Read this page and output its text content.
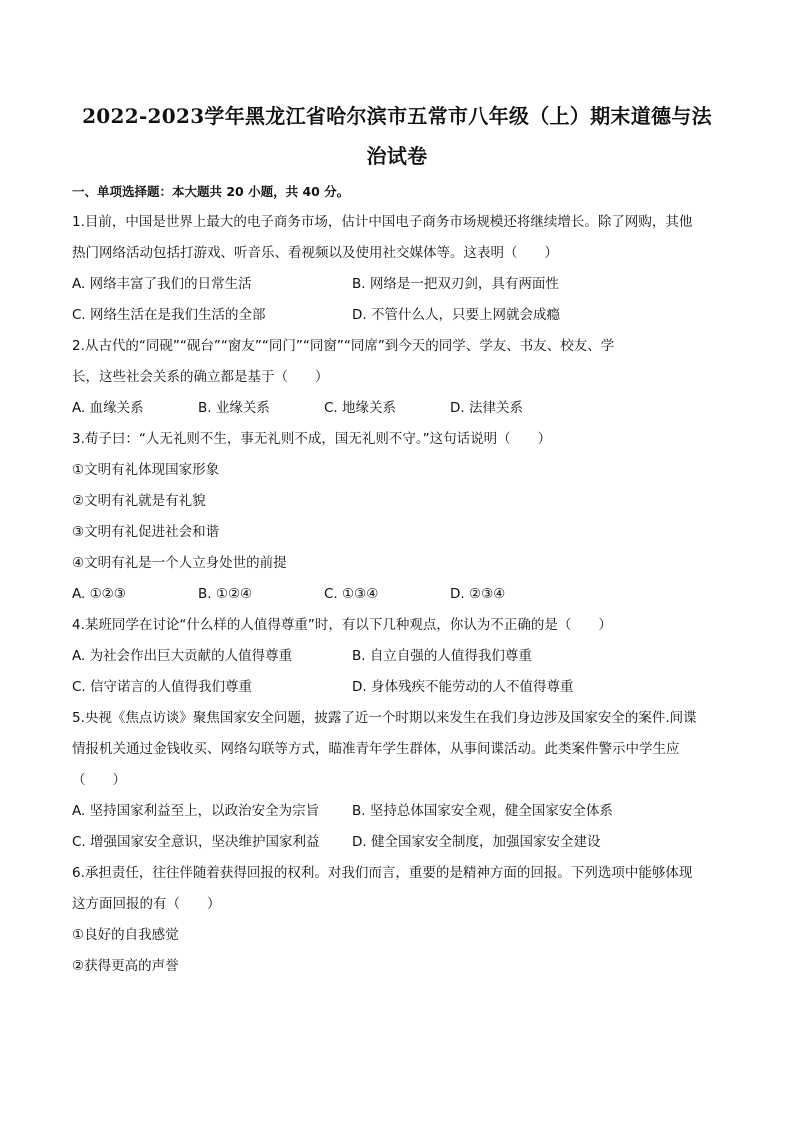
2022-2023学年黑龙江省哈尔滨市五常市八年级（上）期末道德与法

治试卷

一、单项选择题：本大题共 20 小题，共 40 分。

1.目前，中国是世界上最大的电子商务市场，估计中国电子商务市场规模还将继续增长。除了网购，其他

热门网络活动包括打游戏、听音乐、看视频以及使用社交媒体等。这表明（　　）

A. 网络丰富了我们的日常生活	B. 网络是一把双刃剑，具有两面性
C. 网络生活在是我们生活的全部	D. 不管什么人，只要上网就会成瘾

2.从古代的“同砚”“砚台”“窗友”“同门”“同窗”“同席”到今天的同学、学友、书友、校友、学

长，这些社会关系的确立都是基于（　　）

A. 血缘关系	B. 业缘关系	C. 地缘关系	D. 法律关系

3.荀子曰：“人无礼则不生，事无礼则不成，国无礼则不守。”这句话说明（　　）

①文明有礼体现国家形象

②文明有礼就是有礼貌

③文明有礼促进社会和谐

④文明有礼是一个人立身处世的前提

A. ①②③	B. ①②④	C. ①③④	D. ②③④

4.某班同学在讨论“什么样的人值得尊重”时，有以下几种观点，你认为不正确的是（　　）

A. 为社会作出巨大贡献的人值得尊重	B. 自立自强的人值得我们尊重
C. 信守诺言的人值得我们尊重	D. 身体残疾不能劳动的人不值得尊重

5.央视《焦点访谈》聚焦国家安全问题，披露了近一个时期以来发生在我们身边涉及国家安全的案件.间谍

情报机关通过金钱收买、网络勾联等方式，瞄准青年学生群体，从事间谍活动。此类案件警示中学生应

（　　）

A. 坚持国家利益至上，以政治安全为宗旨	B. 坚持总体国家安全观，健全国家安全体系
C. 增强国家安全意识，坚决维护国家利益	D. 健全国家安全制度，加强国家安全建设

6.承担责任，往往伴随着获得回报的权利。对我们而言，重要的是精神方面的回报。下列选项中能够体现

这方面回报的有（　　）

①良好的自我感觉

②获得更高的声誉
